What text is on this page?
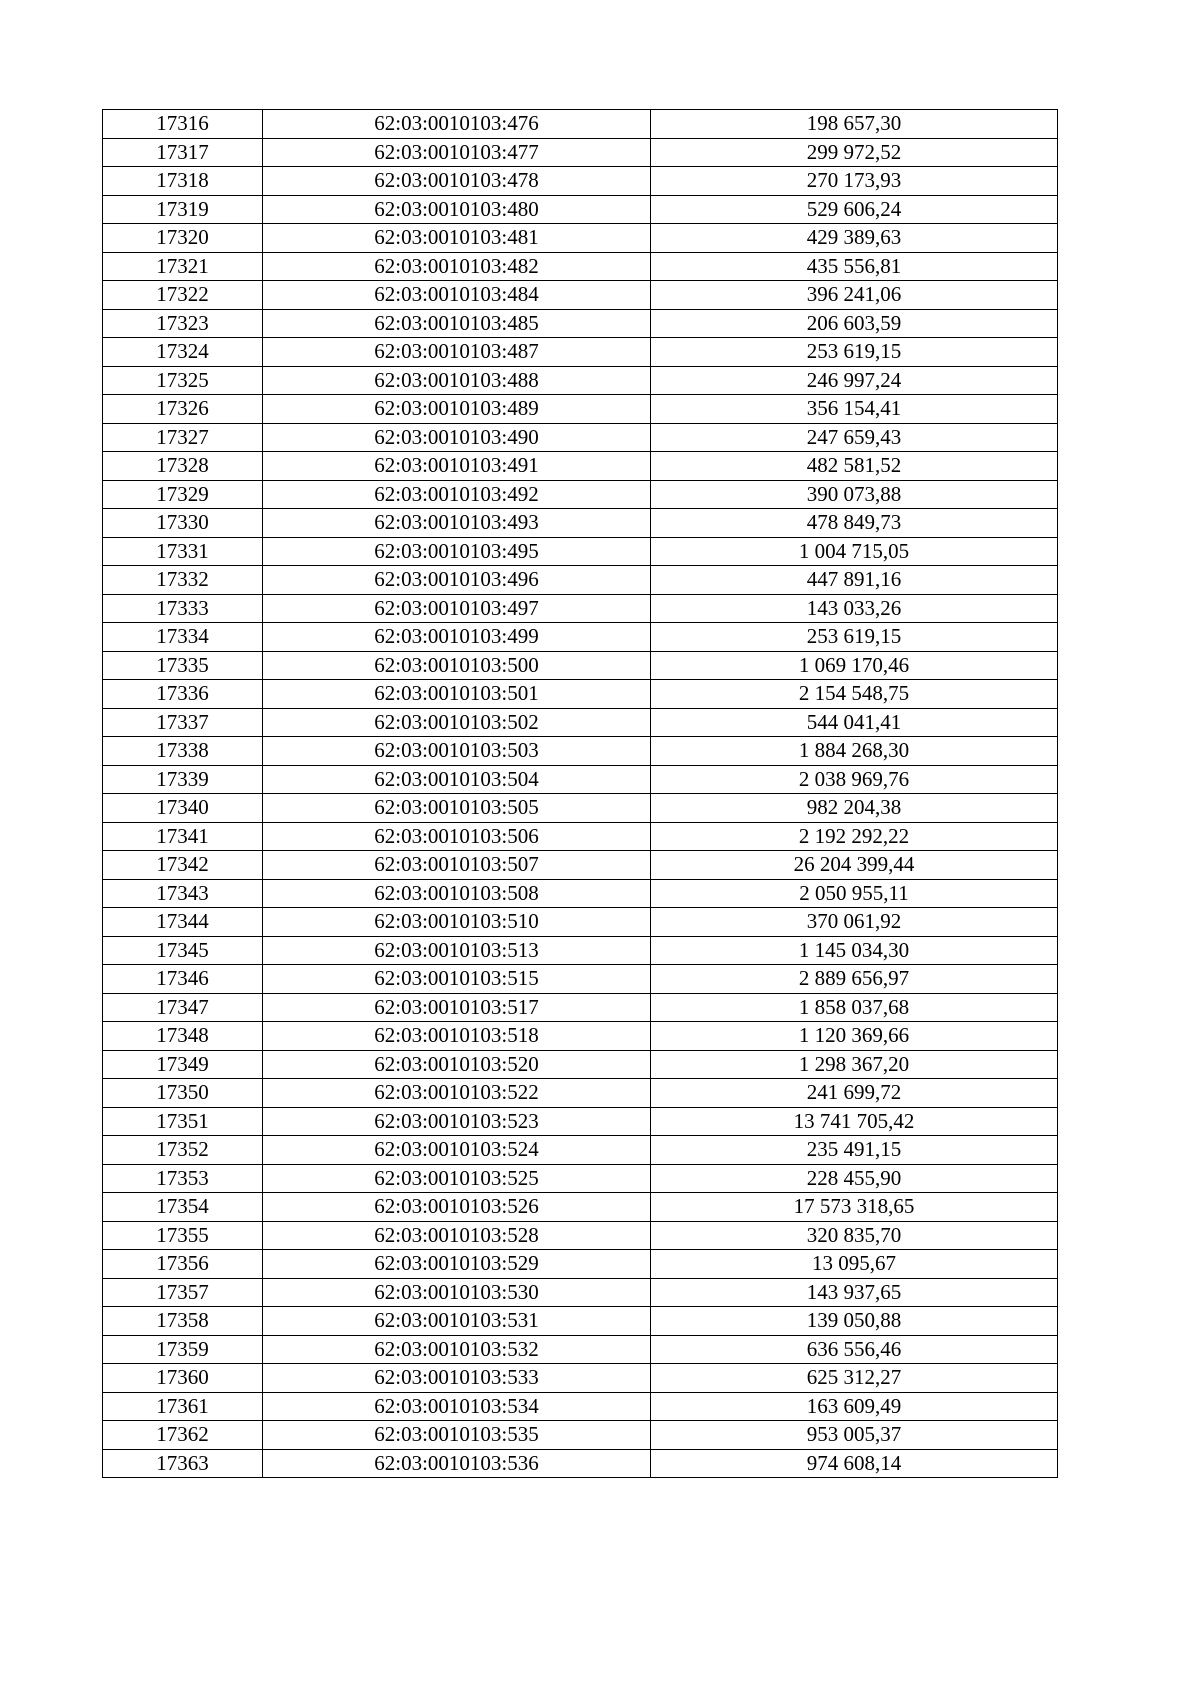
17316	62:03:0010103:476	198 657,30
17317	62:03:0010103:477	299 972,52
17318	62:03:0010103:478	270 173,93
17319	62:03:0010103:480	529 606,24
17320	62:03:0010103:481	429 389,63
17321	62:03:0010103:482	435 556,81
17322	62:03:0010103:484	396 241,06
17323	62:03:0010103:485	206 603,59
17324	62:03:0010103:487	253 619,15
17325	62:03:0010103:488	246 997,24
17326	62:03:0010103:489	356 154,41
17327	62:03:0010103:490	247 659,43
17328	62:03:0010103:491	482 581,52
17329	62:03:0010103:492	390 073,88
17330	62:03:0010103:493	478 849,73
17331	62:03:0010103:495	1 004 715,05
17332	62:03:0010103:496	447 891,16
17333	62:03:0010103:497	143 033,26
17334	62:03:0010103:499	253 619,15
17335	62:03:0010103:500	1 069 170,46
17336	62:03:0010103:501	2 154 548,75
17337	62:03:0010103:502	544 041,41
17338	62:03:0010103:503	1 884 268,30
17339	62:03:0010103:504	2 038 969,76
17340	62:03:0010103:505	982 204,38
17341	62:03:0010103:506	2 192 292,22
17342	62:03:0010103:507	26 204 399,44
17343	62:03:0010103:508	2 050 955,11
17344	62:03:0010103:510	370 061,92
17345	62:03:0010103:513	1 145 034,30
17346	62:03:0010103:515	2 889 656,97
17347	62:03:0010103:517	1 858 037,68
17348	62:03:0010103:518	1 120 369,66
17349	62:03:0010103:520	1 298 367,20
17350	62:03:0010103:522	241 699,72
17351	62:03:0010103:523	13 741 705,42
17352	62:03:0010103:524	235 491,15
17353	62:03:0010103:525	228 455,90
17354	62:03:0010103:526	17 573 318,65
17355	62:03:0010103:528	320 835,70
17356	62:03:0010103:529	13 095,67
17357	62:03:0010103:530	143 937,65
17358	62:03:0010103:531	139 050,88
17359	62:03:0010103:532	636 556,46
17360	62:03:0010103:533	625 312,27
17361	62:03:0010103:534	163 609,49
17362	62:03:0010103:535	953 005,37
17363	62:03:0010103:536	974 608,14
